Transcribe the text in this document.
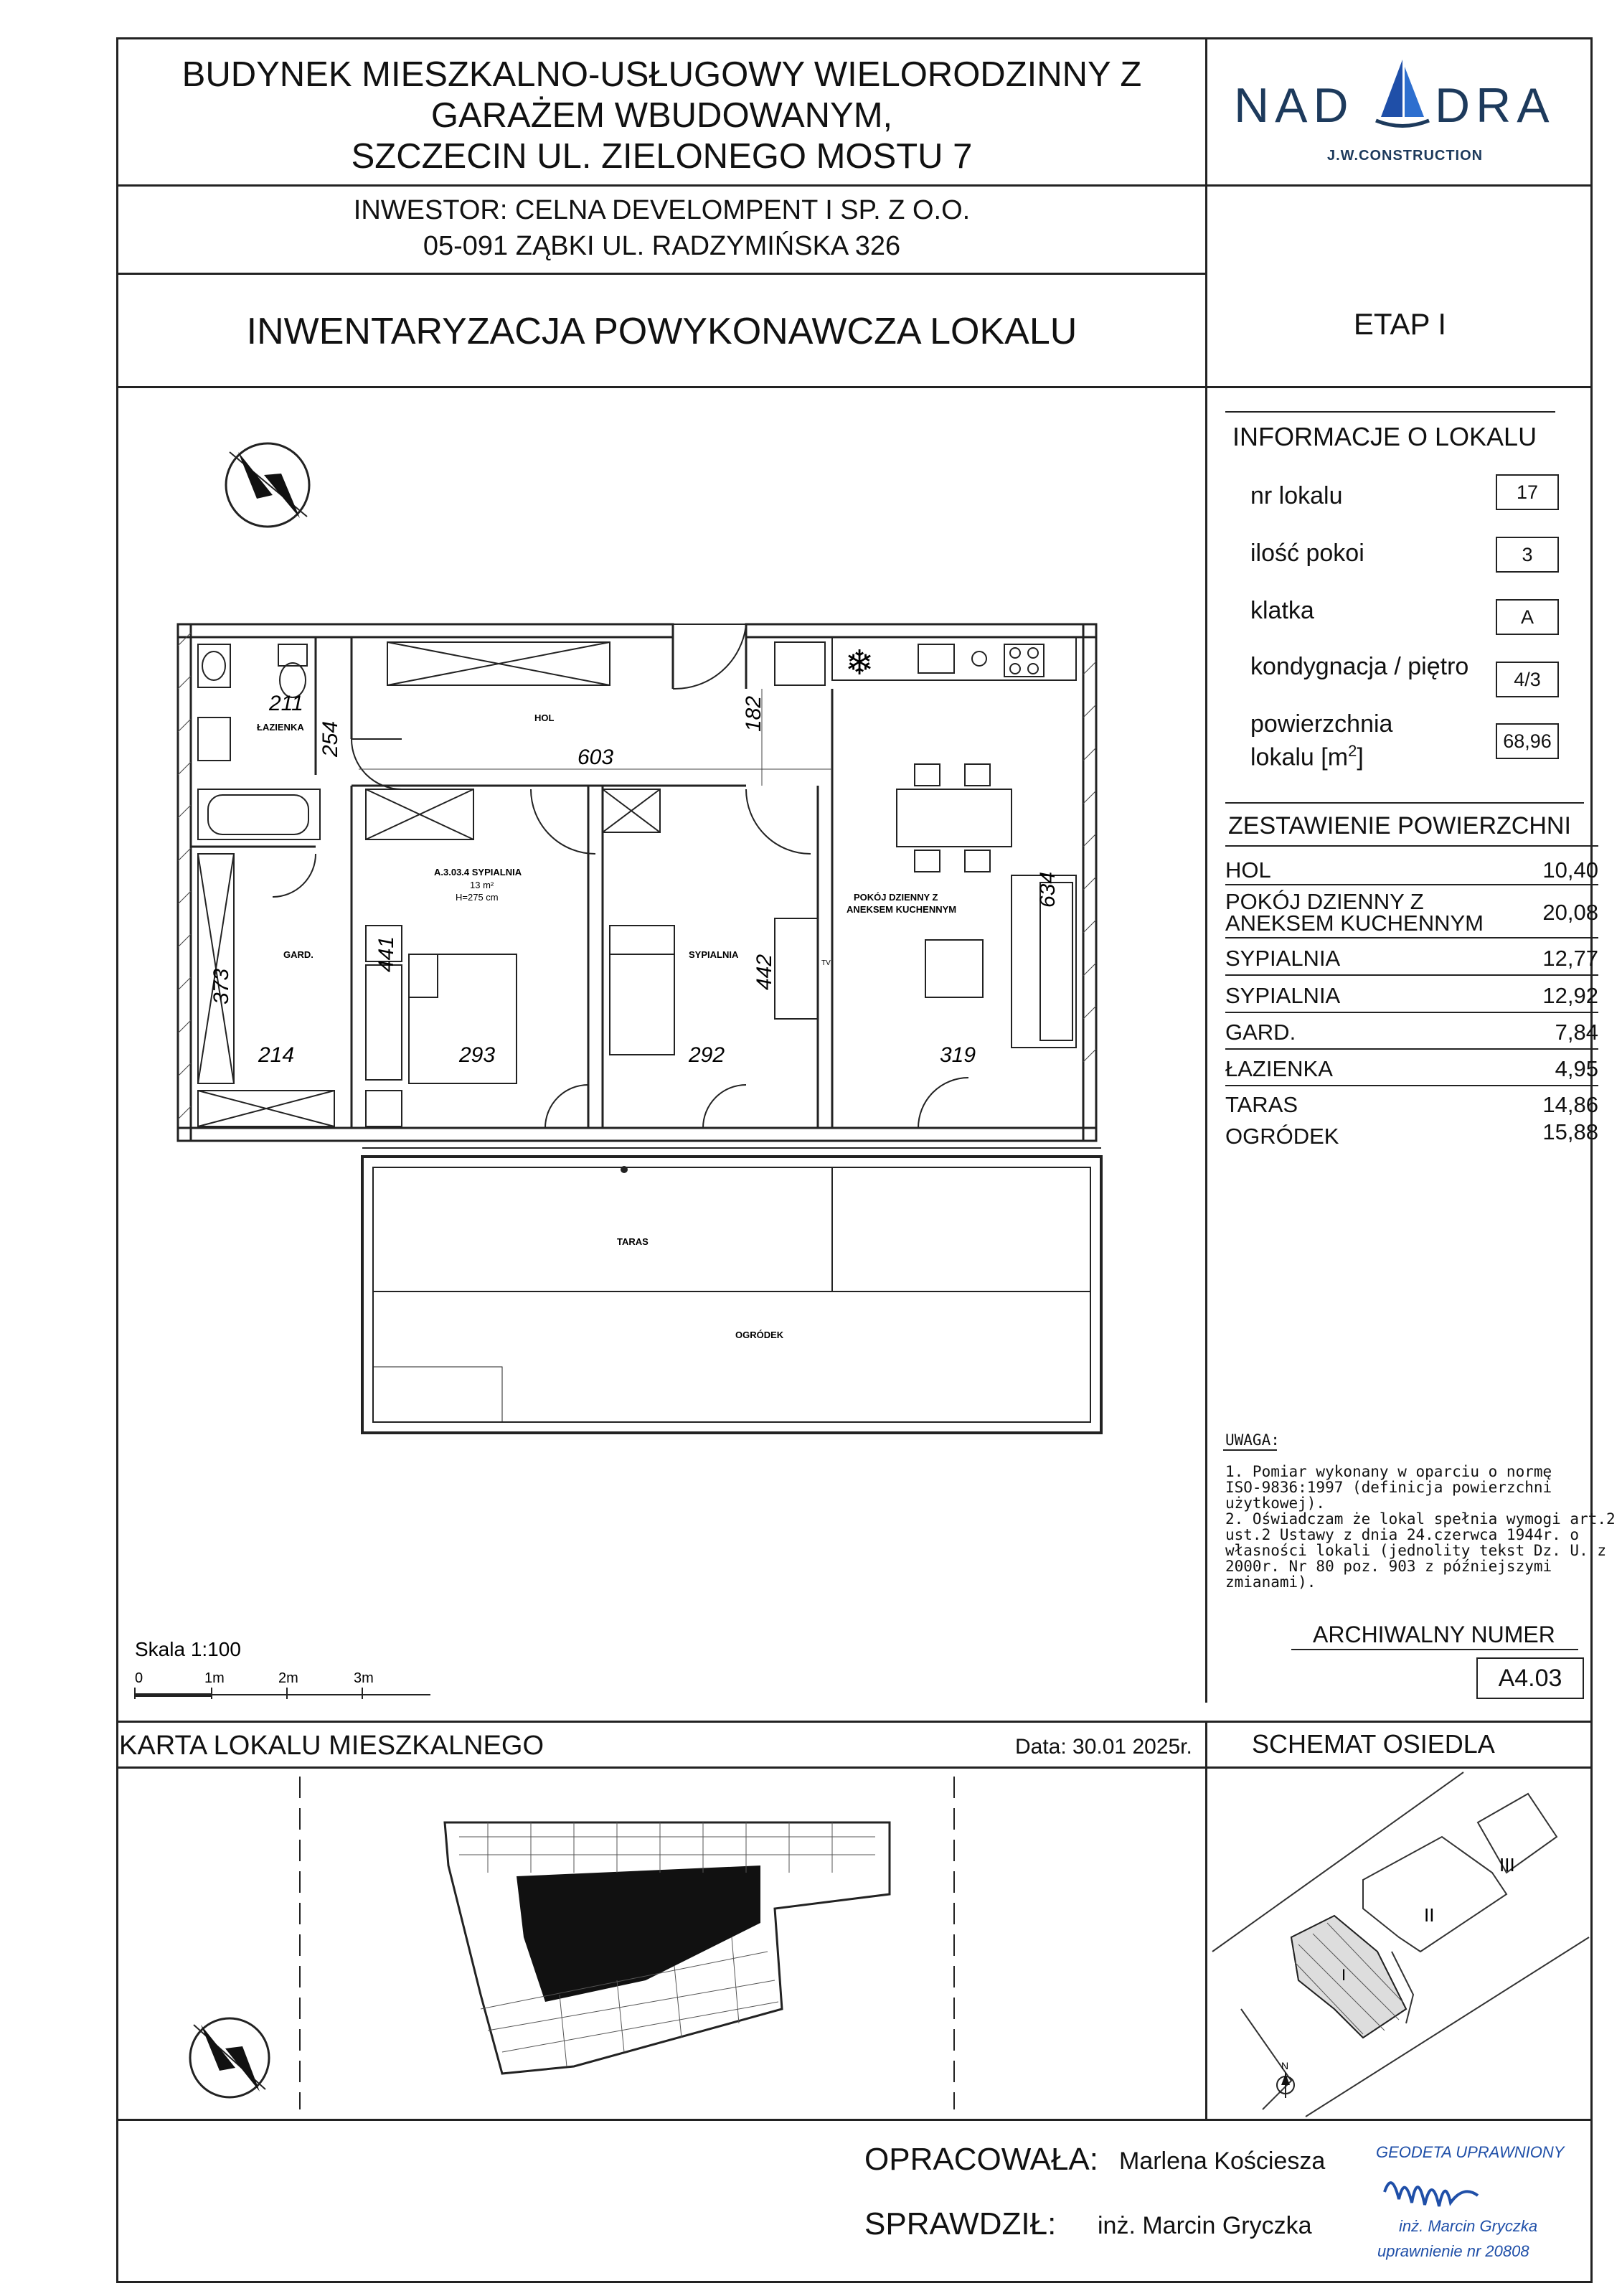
BUDYNEK MIESZKALNO-USŁUGOWY WIELORODZINNY Z
GARAŻEM WBUDOWANYM,
SZCZECIN UL. ZIELONEGO MOSTU 7
INWESTOR: CELNA DEVELOMPENT I SP. Z O.O.
05-091 ZĄBKI UL. RADZYMIŃSKA 326
INWENTARYZACJA POWYKONAWCZA LOKALU	ETAP I
NAD DRA
J.W.CONSTRUCTION
INFORMACJE O LOKALU
nr lokalu	17
ilość pokoi	3
klatka	A
kondygnacja / piętro	4/3
powierzchnia
lokalu $[m^2]$
68,96
ZESTAWIENIE POWIERZCHNI
HOL	10,40
POKÓJ DZIENNY Z
ANEKSEM KUCHENNYM	20,08
SYPIALNIA	12,77
SYPIALNIA	12,92
GARD.	7,84
ŁAZIENKA	4,95
TARAS	14,86
OGRÓDEK	15,88
UWAGA:
1. Pomiar wykonany w oparciu o normę
ISO-9836:1997 (definicja powierzchni
użytkowej).
2. Oświadczam że lokal spełnia wymogi art.2
ust.2 Ustawy z dnia 24.czerwca 1944r. o
własności lokali (jednolity tekst Dz. U. z
2000r. Nr 80 poz. 903 z późniejszymi
zmianami).
ARCHIWALNY NUMER
A4.03
❄
HOL
ŁAZIENKA
A.3.03.4 SYPIALNIA
13 m²
H=275 cm
SYPIALNIA
POKÓJ DZIENNY Z
ANEKSEM KUCHENNYM
GARD.
TARAS
OGRÓDEK
TV
211
254
603
182
373
441	442
634
214	293	292	319
Skala 1:100
0	1m	2m	3m
KARTA LOKALU MIESZKALNEGO	Data: 30.01 2025r. SCHEMAT OSIEDLA
III
II
I
N
OPRACOWAŁA: Marlena Kościesza
SPRAWDZIŁ: inż. Marcin Gryczka
GEODETA UPRAWNIONY
inż. Marcin Gryczka
uprawnienie nr 20808
